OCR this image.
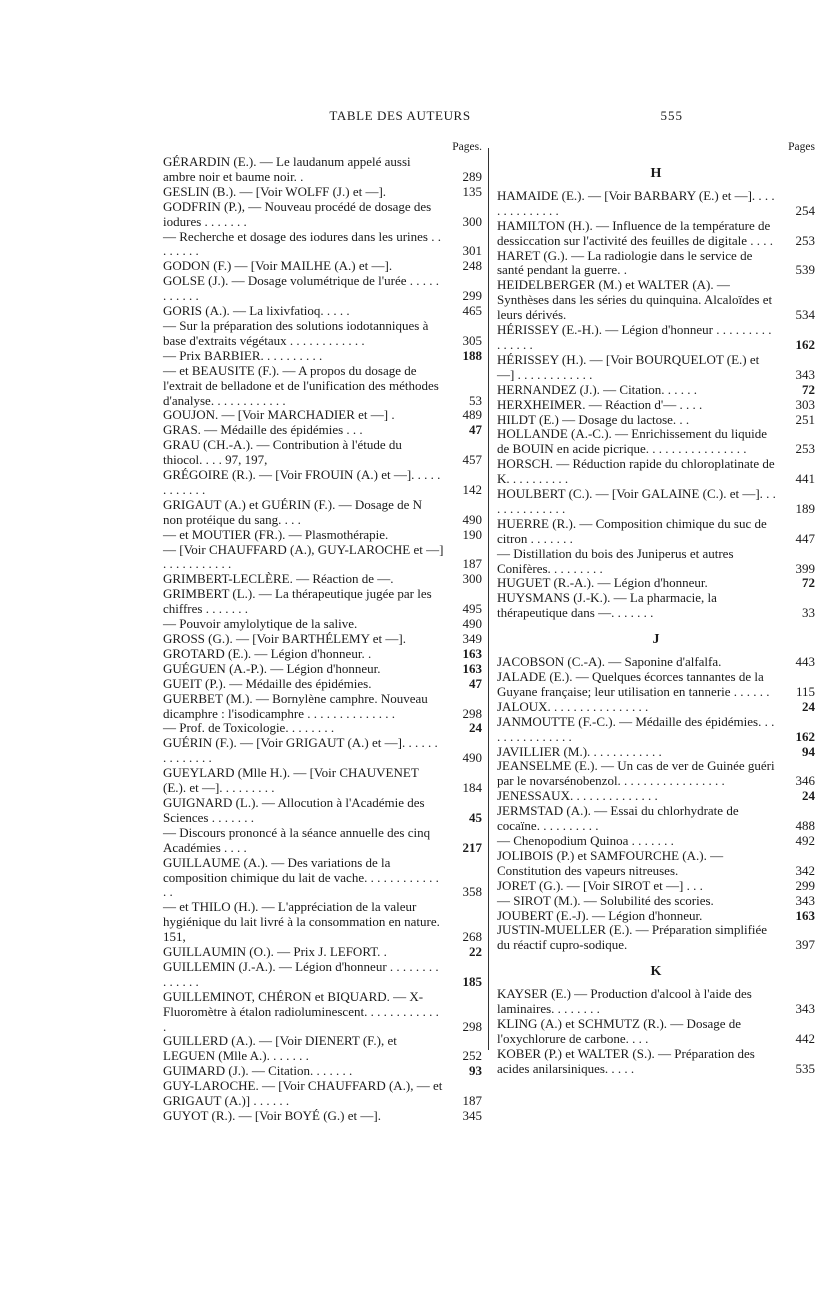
TABLE DES AUTEURS	555
Pages.
GÉRARDIN (E.). — Le laudanum appelé aussi ambre noir et baume noir. .	289
GESLIN (B.). — [Voir WOLFF (J.) et —].	135
GODFRIN (P.), — Nouveau procédé de dosage des iodures . . . . . . .	300
— Recherche et dosage des iodures dans les urines . . . . . . . .	301
GODON (F.) — [Voir MAILHE (A.) et —].	248
GOLSE (J.). — Dosage volumétrique de l'urée . . . . . . . . . . .	299
GORIS (A.). — La lixivfatioq. . . . .	465
— Sur la préparation des solutions iodotanniques à base d'extraits végétaux . . . . . . . . . . . .	305
— Prix BARBIER. . . . . . . . . .	188
— et BEAUSITE (F.). — A propos du dosage de l'extrait de belladone et de l'unification des méthodes d'analyse. . . . . . . . . . . .	53
GOUJON. — [Voir MARCHADIER et —] .	489
GRAS. — Médaille des épidémies . . .	47
GRAU (CH.-A.). — Contribution à l'étude du thiocol. . . . 97, 197,	457
GRÉGOIRE (R.). — [Voir FROUIN (A.) et —]. . . . . . . . . . . .	142
GRIGAUT (A.) et GUÉRIN (F.). — Dosage de N non protéique du sang. . . .	490
— et MOUTIER (FR.). — Plasmothérapie.	190
— [Voir CHAUFFARD (A.), GUY-LAROCHE et —] . . . . . . . . . . .	187
GRIMBERT-LECLÈRE. — Réaction de —.	300
GRIMBERT (L.). — La thérapeutique jugée par les chiffres . . . . . . .	495
— Pouvoir amylolytique de la salive.	490
GROSS (G.). — [Voir BARTHÉLEMY et —].	349
GROTARD (E.). — Légion d'honneur. .	163
GUÉGUEN (A.-P.). — Légion d'honneur.	163
GUEIT (P.). — Médaille des épidémies.	47
GUERBET (M.). — Bornylène camphre. Nouveau dicamphre : l'isodicamphre . . . . . . . . . . . . . .	298
— Prof. de Toxicologie. . . . . . . .	24
GUÉRIN (F.). — [Voir GRIGAUT (A.) et —]. . . . . . . . . . . . . .	490
GUEYLARD (Mlle H.). — [Voir CHAUVENET (E.). et —]. . . . . . . . .	184
GUIGNARD (L.). — Allocution à l'Académie des Sciences . . . . . . .	45
— Discours prononcé à la séance annuelle des cinq Académies . . . .	217
GUILLAUME (A.). — Des variations de la composition chimique du lait de vache. . . . . . . . . . . . . .	358
— et THILO (H.). — L'appréciation de la valeur hygiénique du lait livré à la consommation en nature. 151,	268
GUILLAUMIN (O.). — Prix J. LEFORT. .	22
GUILLEMIN (J.-A.). — Légion d'honneur . . . . . . . . . . . . . .	185
GUILLEMINOT, CHÉRON et BIQUARD. — X-Fluoromètre à étalon radioluminescent. . . . . . . . . . . . .	298
GUILLERD (A.). — [Voir DIENERT (F.), et LEGUEN (Mlle A.). . . . . . .	252
GUIMARD (J.). — Citation. . . . . . .	93
GUY-LAROCHE. — [Voir CHAUFFARD (A.), — et GRIGAUT (A.)] . . . . . .	187
GUYOT (R.). — [Voir BOYÉ (G.) et —].	345
Pages
H
HAMAIDE (E.). — [Voir BARBARY (E.) et —]. . . . . . . . . . . . . .	254
HAMILTON (H.). — Influence de la température de dessiccation sur l'activité des feuilles de digitale . . . .	253
HARET (G.). — La radiologie dans le service de santé pendant la guerre. .	539
HEIDELBERGER (M.) et WALTER (A). — Synthèses dans les séries du quinquina. Alcaloïdes et leurs dérivés.	534
HÉRISSEY (E.-H.). — Légion d'honneur . . . . . . . . . . . . . . .	162
HÉRISSEY (H.). — [Voir BOURQUELOT (E.) et —] . . . . . . . . . . . .	343
HERNANDEZ (J.). — Citation. . . . . .	72
HERXHEIMER. — Réaction d'— . . . .	303
HILDT (E.) — Dosage du lactose. . .	251
HOLLANDE (A.-C.). — Enrichissement du liquide de BOUIN en acide picrique. . . . . . . . . . . . . . . .	253
HORSCH. — Réduction rapide du chloroplatinate de K. . . . . . . . . .	441
HOULBERT (C.). — [Voir GALAINE (C.). et —]. . . . . . . . . . . . . .	189
HUERRE (R.). — Composition chimique du suc de citron . . . . . . .	447
— Distillation du bois des Juniperus et autres Conifères. . . . . . . . .	399
HUGUET (R.-A.). — Légion d'honneur.	72
HUYSMANS (J.-K.). — La pharmacie, la thérapeutique dans —. . . . . . .	33
J
JACOBSON (C.-A). — Saponine d'alfalfa.	443
JALADE (E.). — Quelques écorces tannantes de la Guyane française; leur utilisation en tannerie . . . . . .	115
JALOUX. . . . . . . . . . . . . . . .	24
JANMOUTTE (F.-C.). — Médaille des épidémies. . . . . . . . . . . . . . .	162
JAVILLIER (M.). . . . . . . . . . . .	94
JEANSELME (E.). — Un cas de ver de Guinée guéri par le novarsénobenzol. . . . . . . . . . . . . . . . .	346
JENESSAUX. . . . . . . . . . . . . .	24
JERMSTAD (A.). — Essai du chlorhydrate de cocaïne. . . . . . . . . .	488
— Chenopodium Quinoa . . . . . . .	492
JOLIBOIS (P.) et SAMFOURCHE (A.). — Constitution des vapeurs nitreuses.	342
JORET (G.). — [Voir SIROT et —] . . .	299
— SIROT (M.). — Solubilité des scories.	343
JOUBERT (E.-J). — Légion d'honneur.	163
JUSTIN-MUELLER (E.). — Préparation simplifiée du réactif cupro-sodique.	397
K
KAYSER (E.) — Production d'alcool à l'aide des laminaires. . . . . . . .	343
KLING (A.) et SCHMUTZ (R.). — Dosage de l'oxychlorure de carbone. . . .	442
KOBER (P.) et WALTER (S.). — Préparation des acides anilarsiniques. . . . .	535
